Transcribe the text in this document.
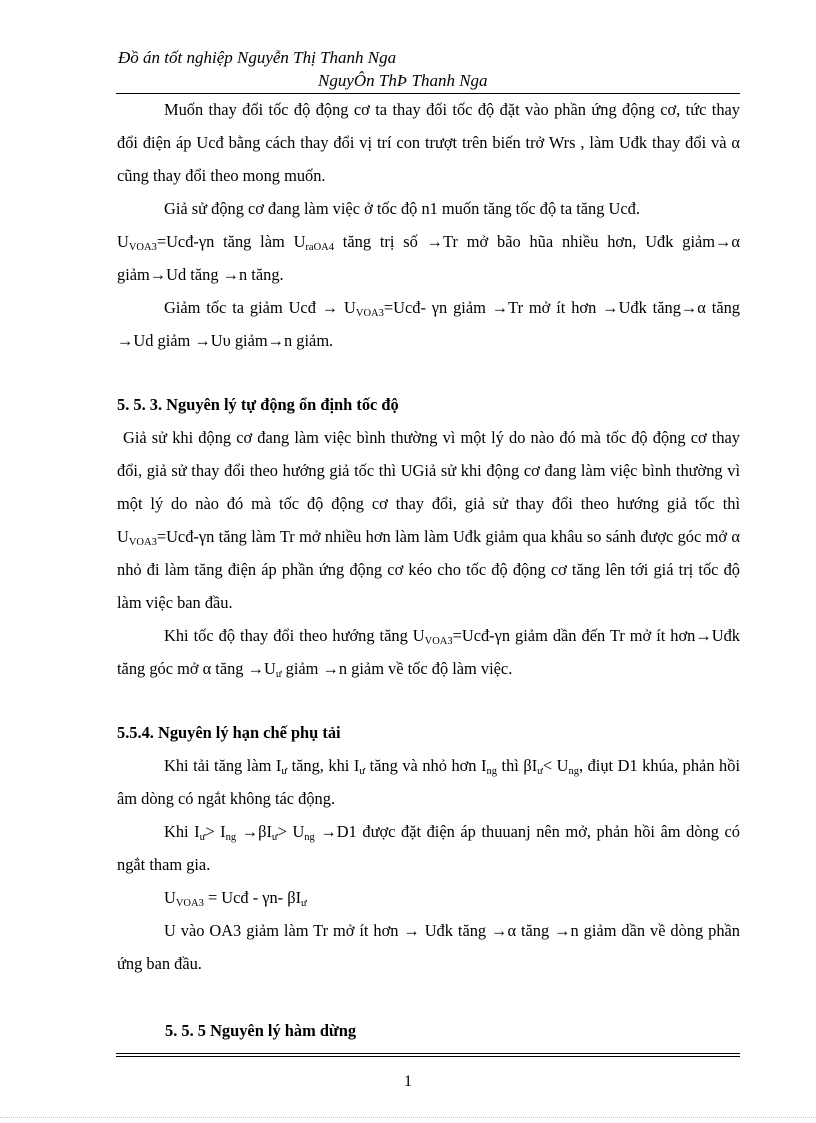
Đồ án tốt nghiệp Nguyễn Thị Thanh Nga
NguyÔn ThÞ Thanh Nga

Muốn thay đổi tốc độ động cơ ta thay đổi tốc độ đặt vào phần ứng động cơ, tức thay đổi điện áp Ucđ bằng cách thay đổi vị trí con trượt trên biến trở Wrs , làm Uđk thay đổi và α cũng thay đổi theo mong muốn.

Giả sử động cơ đang làm việc ở tốc độ n1 muốn tăng tốc độ ta tăng Ucđ.

$U_{VOA3}=Ucđ-\gamma n$ tăng làm $U_{raOA4}$ tăng trị số →Tr mở bão hũa nhiều hơn, Uđk giảm→α giảm→Ud tăng →n tăng.

Giảm tốc ta giảm Ucđ → $U_{VOA3}=Ucđ-$ γn giảm →Tr mở ít hơn →Uđk tăng→α tăng →Ud giảm →Uυ giảm→n giảm.

5. 5. 3. Nguyên lý tự động ổn định tốc độ

Giả sử khi động cơ đang làm việc bình thường vì một lý do nào đó mà tốc độ động cơ thay đổi, giả sử thay đổi theo hướng giả tốc thì UGiả sử khi động cơ đang làm việc bình thường vì một lý do nào đó mà tốc độ động cơ thay đổi, giả sử thay đổi theo hướng giả tốc thì $U_{VOA3}=Ucđ-\gamma n$ tăng làm Tr mở nhiều hơn làm làm Uđk giảm qua khâu so sánh được góc mở α nhỏ đi làm tăng điện áp phần ứng động cơ kéo cho tốc độ động cơ tăng lên tới giá trị tốc độ làm việc ban đầu.

Khi tốc độ thay đổi theo hướng tăng $U_{VOA3}=Ucđ-\gamma n$ giảm dần đến Tr mở ít hơn→Uđk tăng góc mở α tăng $\to U_ư$ giảm →n giảm về tốc độ làm việc.

5.5.4. Nguyên lý hạn chế phụ tải

Khi tải tăng làm $I_ư$ tăng, khi $I_ư$ tăng và nhỏ hơn $I_{ng}$ thì $\beta I_ư< U_{ng}$, điụt D1 khúa, phản hồi âm dòng có ngắt không tác động.

Khi $I_ư> I_{ng} \to\beta I_ư> U_{ng} \to D1$ được đặt điện áp thuuanj nên mở, phản hồi âm dòng có ngắt tham gia.

$U_{VOA3}$ = Ucđ - γn- $\beta I_ư$

U vào OA3 giảm làm Tr mở ít hơn → Uđk tăng →α tăng →n giảm dần về dòng phần ứng ban đầu.

5. 5. 5 Nguyên lý hàm dừng
1
